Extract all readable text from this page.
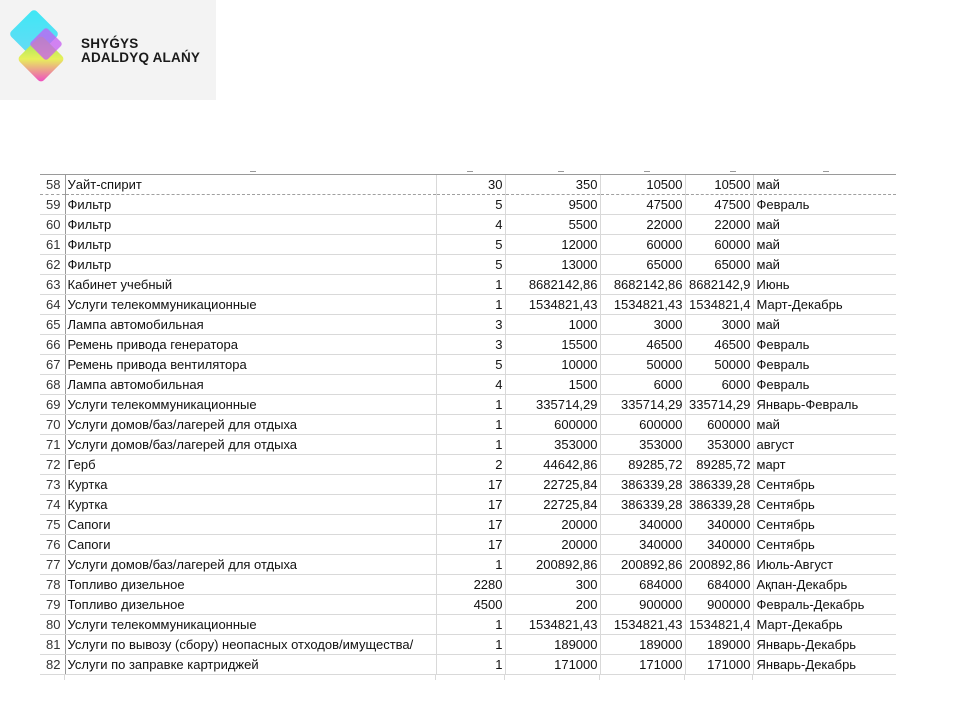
SHYǴYS
ADALDYQ ALAŃY
58	Уайт-спирит	30	350	10500	10500	май
59	Фильтр	5	9500	47500	47500	Февраль
60	Фильтр	4	5500	22000	22000	май
61	Фильтр	5	12000	60000	60000	май
62	Фильтр	5	13000	65000	65000	май
63	Кабинет учебный	1	8682142,86	8682142,86	8682142,9	Июнь
64	Услуги телекоммуникационные	1	1534821,43	1534821,43	1534821,4	Март-Декабрь
65	Лампа автомобильная	3	1000	3000	3000	май
66	Ремень привода генератора	3	15500	46500	46500	Февраль
67	Ремень привода вентилятора	5	10000	50000	50000	Февраль
68	Лампа автомобильная	4	1500	6000	6000	Февраль
69	Услуги телекоммуникационные	1	335714,29	335714,29	335714,29	Январь-Февраль
70	Услуги домов/баз/лагерей для отдыха	1	600000	600000	600000	май
71	Услуги домов/баз/лагерей для отдыха	1	353000	353000	353000	август
72	Герб	2	44642,86	89285,72	89285,72	март
73	Куртка	17	22725,84	386339,28	386339,28	Сентябрь
74	Куртка	17	22725,84	386339,28	386339,28	Сентябрь
75	Сапоги	17	20000	340000	340000	Сентябрь
76	Сапоги	17	20000	340000	340000	Сентябрь
77	Услуги домов/баз/лагерей для отдыха	1	200892,86	200892,86	200892,86	Июль-Август
78	Топливо дизельное	2280	300	684000	684000	Ақпан-Декабрь
79	Топливо дизельное	4500	200	900000	900000	Февраль-Декабрь
80	Услуги телекоммуникационные	1	1534821,43	1534821,43	1534821,4	Март-Декабрь
81	Услуги по вывозу (сбору) неопасных отходов/имущества/	1	189000	189000	189000	Январь-Декабрь
82	Услуги по заправке картриджей	1	171000	171000	171000	Январь-Декабрь
